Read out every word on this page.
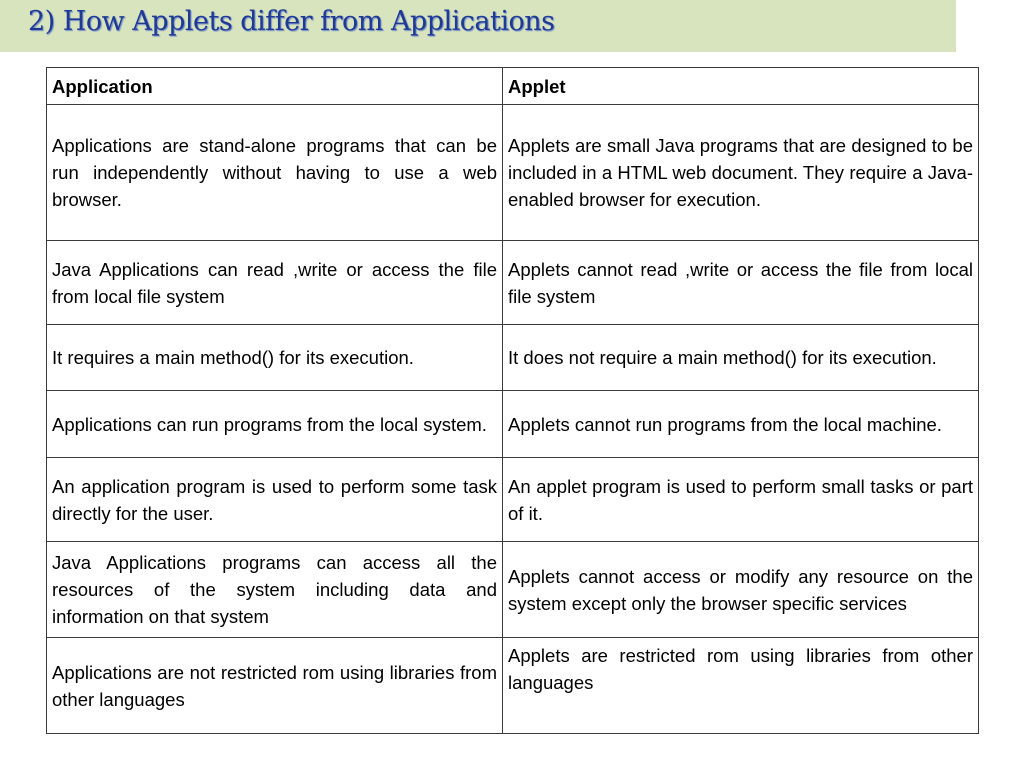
2) How Applets differ from Applications
Application	Applet
Applications are stand-alone programs that can be run independently without having to use a web browser.	Applets are small Java programs that are designed to be included in a HTML web document. They require a Java-enabled browser for execution.
Java Applications can read ,write or access the file from local file system	Applets cannot read ,write or access the file from local file system
It requires a main method() for its execution.	It does not require a main method() for its execution.
Applications can run programs from the local system.	Applets cannot run programs from the local machine.
An application program is used to perform some task directly for the user.	An applet program is used to perform small tasks or part of it.
Java Applications programs can access all the resources of the system including data and information on that system	Applets cannot access or modify any resource on the system except only the browser specific services
Applications are not restricted rom using libraries from other languages	Applets are restricted rom using libraries from other languages
